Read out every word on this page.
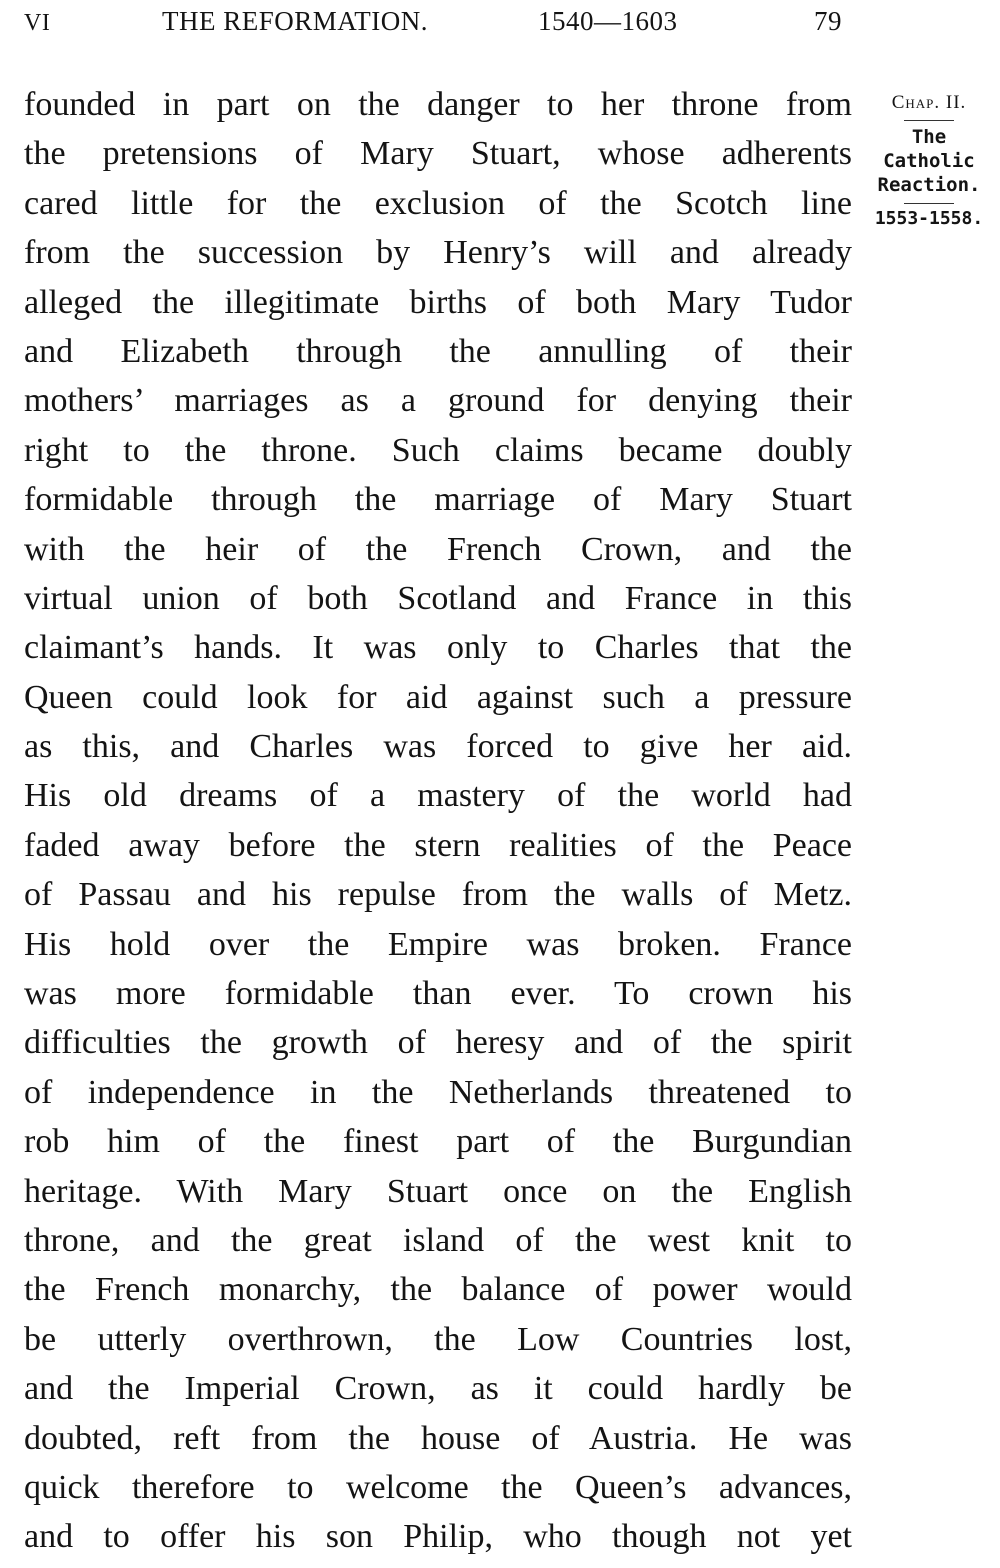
VI	THE REFORMATION.	1540—1603	79
founded in part on the danger to her throne from
the pretensions of Mary Stuart, whose adherents
cared little for the exclusion of the Scotch line
from the succession by Henry’s will and already
alleged the illegitimate births of both Mary Tudor
and Elizabeth through the annulling of their
mothers’ marriages as a ground for denying their
right to the throne. Such claims became doubly
formidable through the marriage of Mary Stuart
with the heir of the French Crown, and the
virtual union of both Scotland and France in this
claimant’s hands. It was only to Charles that the
Queen could look for aid against such a pressure
as this, and Charles was forced to give her aid.
His old dreams of a mastery of the world had
faded away before the stern realities of the Peace
of Passau and his repulse from the walls of Metz.
His hold over the Empire was broken. France
was more formidable than ever. To crown his
difficulties the growth of heresy and of the spirit
of independence in the Netherlands threatened to
rob him of the finest part of the Burgundian
heritage. With Mary Stuart once on the English
throne, and the great island of the west knit to
the French monarchy, the balance of power would
be utterly overthrown, the Low Countries lost,
and the Imperial Crown, as it could hardly be
doubted, reft from the house of Austria. He was
quick therefore to welcome the Queen’s advances,
and to offer his son Philip, who though not yet
Chap. II.
The
Catholic
Reaction.
1553-1558.
